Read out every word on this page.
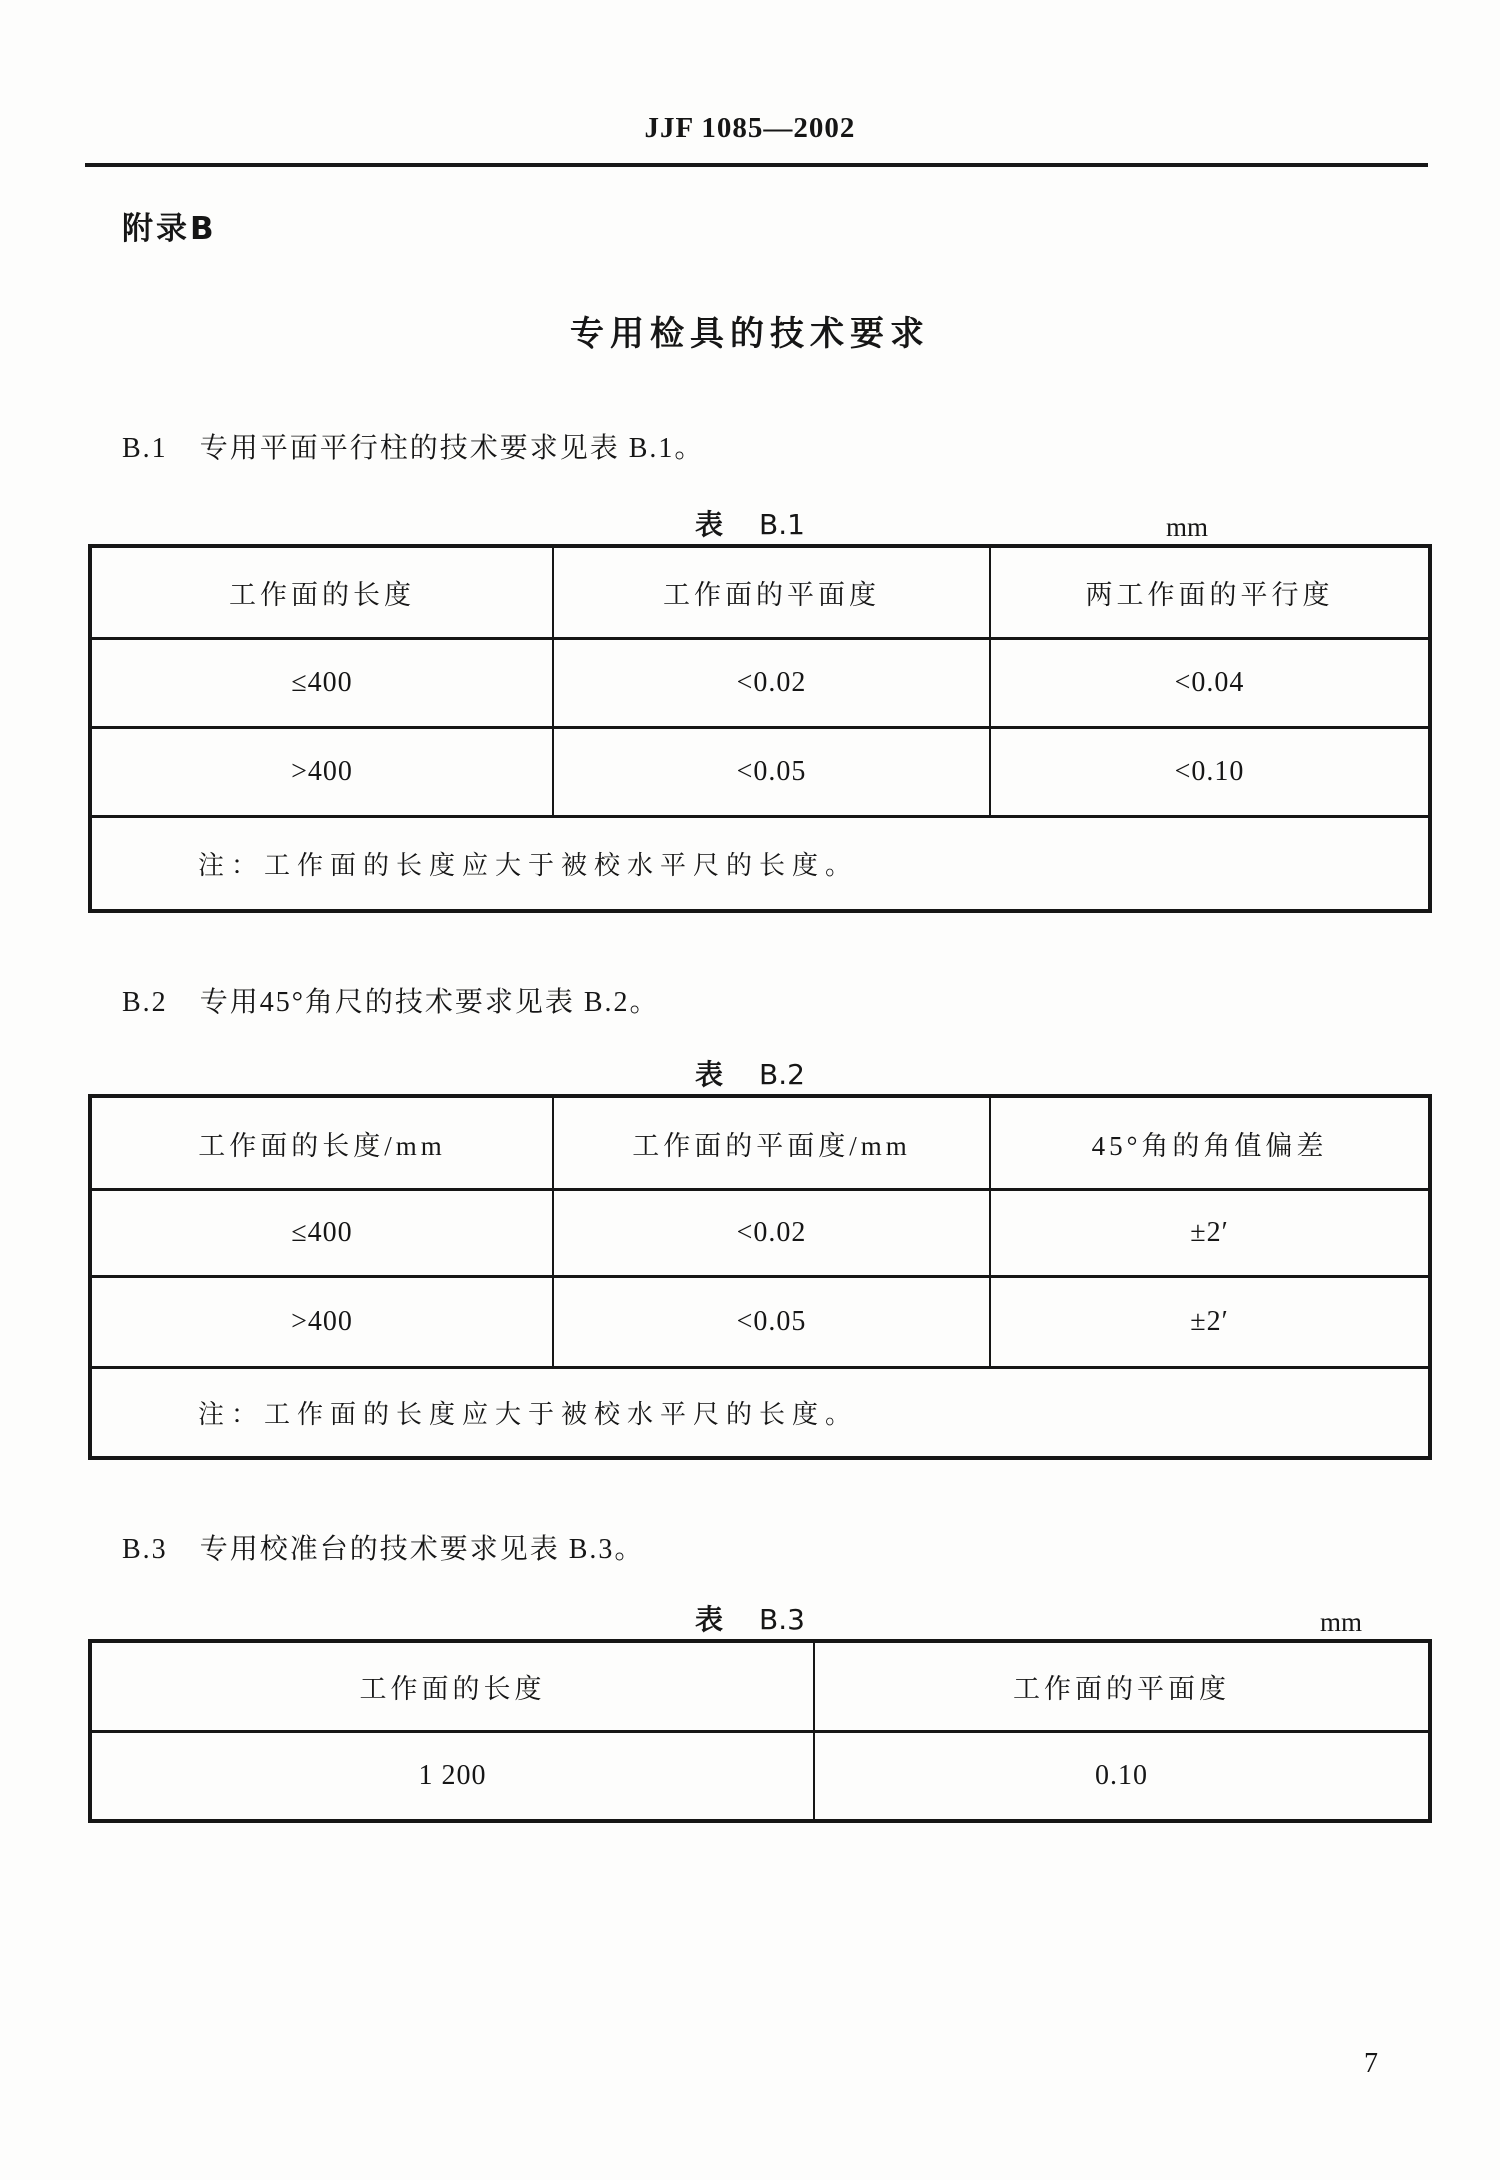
JJF 1085—2002
附录B
专用检具的技术要求
B.1 专用平面平行柱的技术要求见表 B.1。
表 B.1	mm
工作面的长度	工作面的平面度	两工作面的平行度
≤400	<0.02	<0.04
>400	<0.05	<0.10
注：工作面的长度应大于被校水平尺的长度。		
B.2 专用45°角尺的技术要求见表 B.2。
表 B.2
工作面的长度/mm	工作面的平面度/mm	45°角的角值偏差
≤400	<0.02	±2′
>400	<0.05	±2′
注：工作面的长度应大于被校水平尺的长度。		
B.3 专用校准台的技术要求见表 B.3。
表 B.3	mm
工作面的长度	工作面的平面度
1 200	0.10
7
